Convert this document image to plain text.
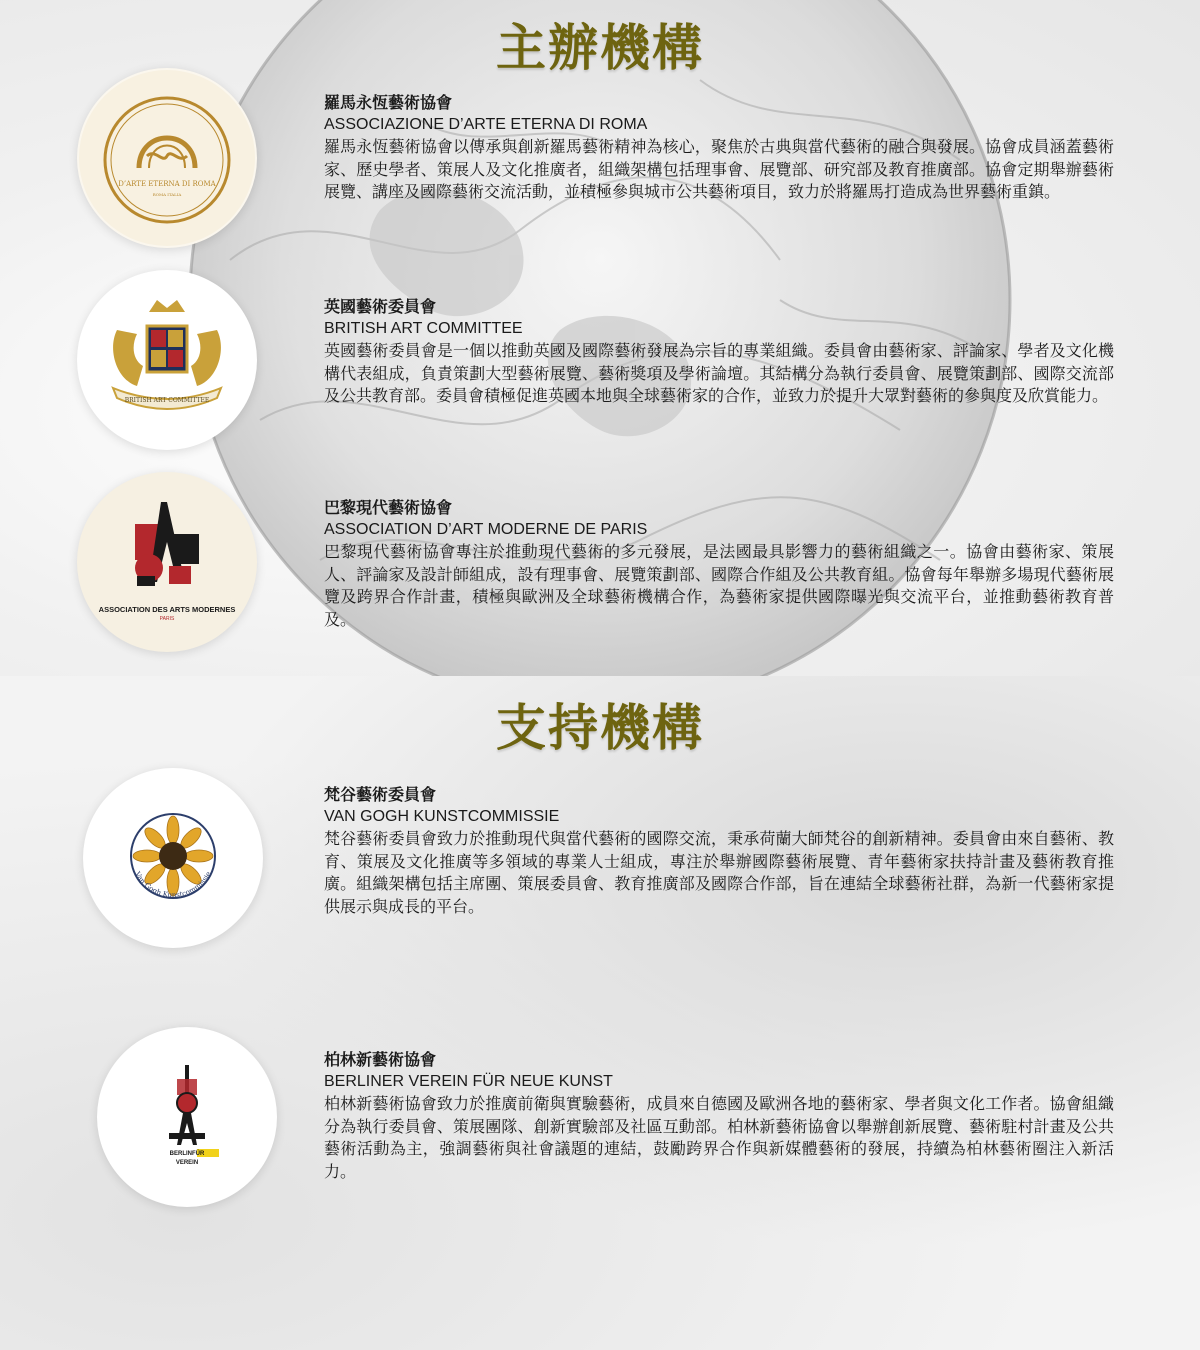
主辦機構
D’ARTE ETERNA DI ROMA
ROMA ITALIA
羅馬永恆藝術協會
ASSOCIAZIONE D’ARTE ETERNA DI ROMA
羅馬永恆藝術協會以傳承與創新羅馬藝術精神為核心，聚焦於古典與當代藝術的融合與發展。協會成員涵蓋藝術家、歷史學者、策展人及文化推廣者，組織架構包括理事會、展覽部、研究部及教育推廣部。協會定期舉辦藝術展覽、講座及國際藝術交流活動，並積極參與城市公共藝術項目，致力於將羅馬打造成為世界藝術重鎮。
BRITISH ART COMMITTEE
英國藝術委員會
BRITISH ART COMMITTEE
英國藝術委員會是一個以推動英國及國際藝術發展為宗旨的專業組織。委員會由藝術家、評論家、學者及文化機構代表組成，負責策劃大型藝術展覽、藝術獎項及學術論壇。其結構分為執行委員會、展覽策劃部、國際交流部及公共教育部。委員會積極促進英國本地與全球藝術家的合作，並致力於提升大眾對藝術的參與度及欣賞能力。
ASSOCIATION DES ARTS MODERNES
PARIS
巴黎現代藝術協會
ASSOCIATION D’ART MODERNE DE PARIS
巴黎現代藝術協會專注於推動現代藝術的多元發展，是法國最具影響力的藝術組織之一。協會由藝術家、策展人、評論家及設計師組成，設有理事會、展覽策劃部、國際合作組及公共教育組。協會每年舉辦多場現代藝術展覽及跨界合作計畫，積極與歐洲及全球藝術機構合作，為藝術家提供國際曝光與交流平台，並推動藝術教育普及。
支持機構
Van Gogh Kunstcommissie
梵谷藝術委員會
VAN GOGH KUNSTCOMMISSIE
梵谷藝術委員會致力於推動現代與當代藝術的國際交流，秉承荷蘭大師梵谷的創新精神。委員會由來自藝術、教育、策展及文化推廣等多領域的專業人士組成，專注於舉辦國際藝術展覽、青年藝術家扶持計畫及藝術教育推廣。組織架構包括主席團、策展委員會、教育推廣部及國際合作部，旨在連結全球藝術社群，為新一代藝術家提供展示與成長的平台。
BERLINFÜR
VEREIN
柏林新藝術協會
BERLINER VEREIN FÜR NEUE KUNST
柏林新藝術協會致力於推廣前衛與實驗藝術，成員來自德國及歐洲各地的藝術家、學者與文化工作者。協會組織分為執行委員會、策展團隊、創新實驗部及社區互動部。柏林新藝術協會以舉辦創新展覽、藝術駐村計畫及公共藝術活動為主，強調藝術與社會議題的連結，鼓勵跨界合作與新媒體藝術的發展，持續為柏林藝術圈注入新活力。
